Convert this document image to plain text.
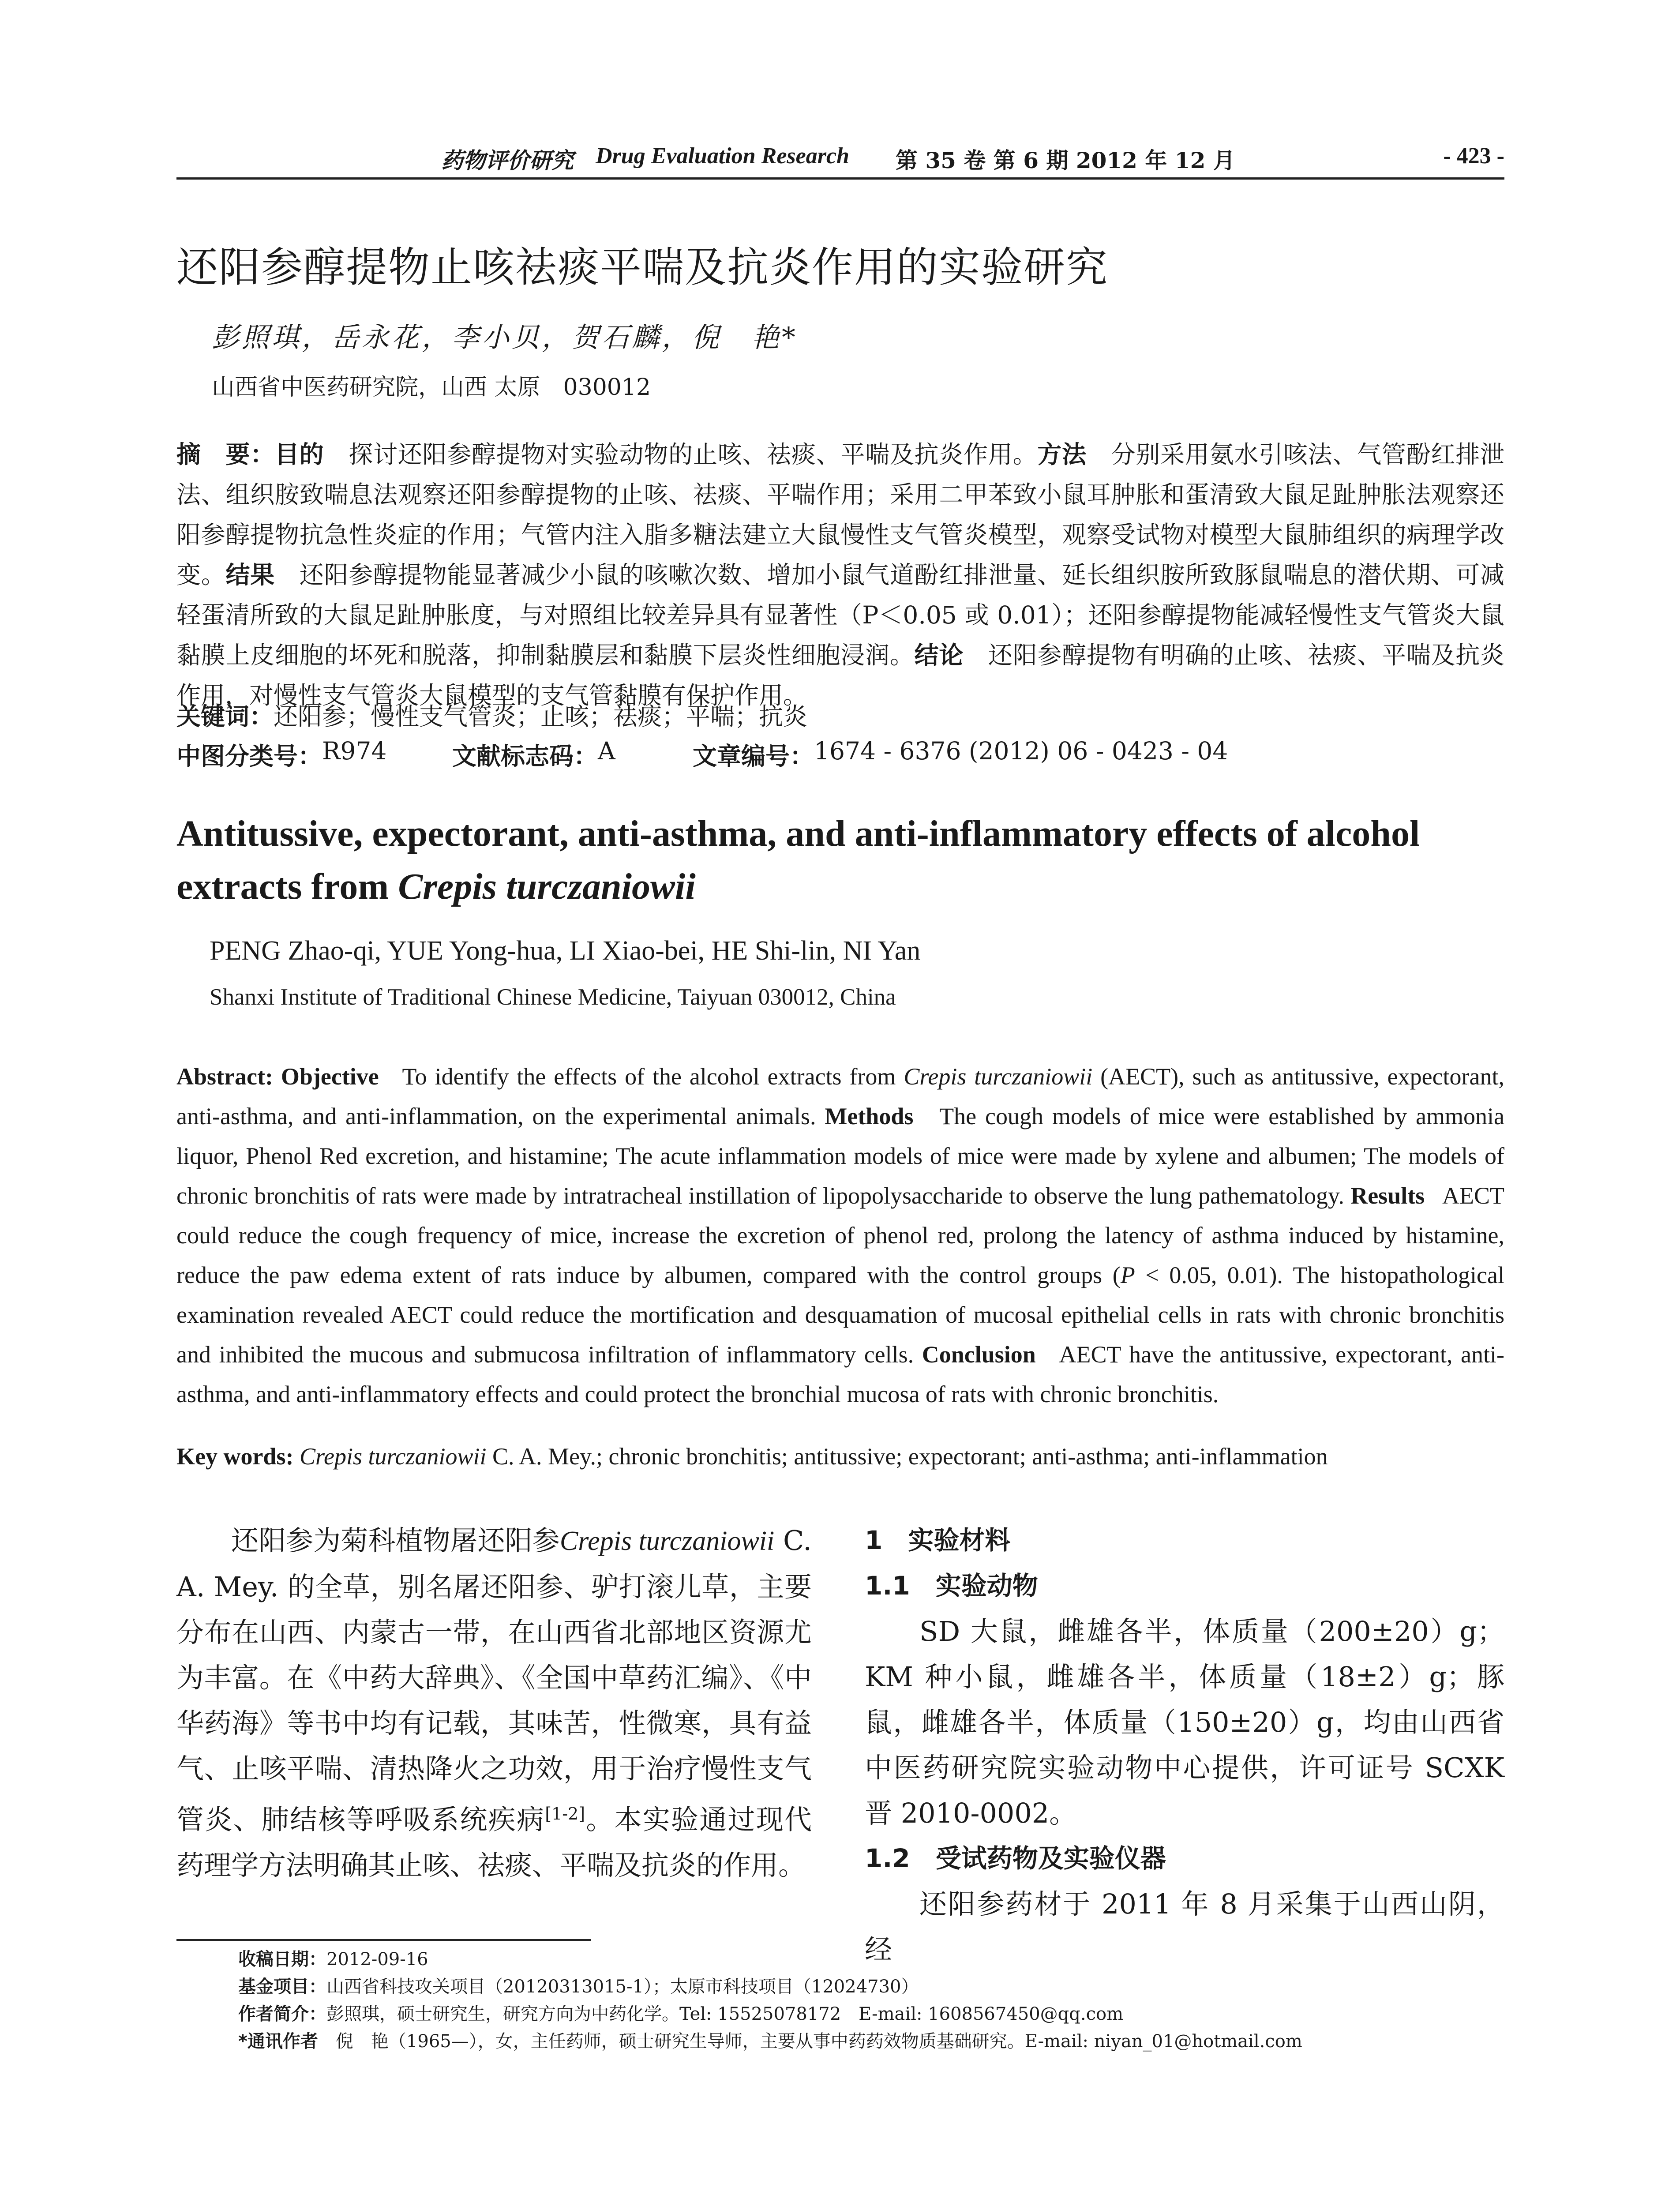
药物评价研究 Drug Evaluation Research 第 35 卷 第 6 期 2012 年 12 月	- 423 -
还阳参醇提物止咳祛痰平喘及抗炎作用的实验研究
彭照琪，岳永花，李小贝，贺石麟，倪　艳*
山西省中医药研究院，山西 太原　030012
摘　要：目的　探讨还阳参醇提物对实验动物的止咳、祛痰、平喘及抗炎作用。方法　分别采用氨水引咳法、气管酚红排泄法、组织胺致喘息法观察还阳参醇提物的止咳、祛痰、平喘作用；采用二甲苯致小鼠耳肿胀和蛋清致大鼠足趾肿胀法观察还阳参醇提物抗急性炎症的作用；气管内注入脂多糖法建立大鼠慢性支气管炎模型，观察受试物对模型大鼠肺组织的病理学改变。结果　还阳参醇提物能显著减少小鼠的咳嗽次数、增加小鼠气道酚红排泄量、延长组织胺所致豚鼠喘息的潜伏期、可减轻蛋清所致的大鼠足趾肿胀度，与对照组比较差异具有显著性（P＜0.05 或 0.01）；还阳参醇提物能减轻慢性支气管炎大鼠黏膜上皮细胞的坏死和脱落，抑制黏膜层和黏膜下层炎性细胞浸润。结论　还阳参醇提物有明确的止咳、祛痰、平喘及抗炎作用，对慢性支气管炎大鼠模型的支气管黏膜有保护作用。
关键词：还阳参；慢性支气管炎；止咳；祛痰；平喘；抗炎
中图分类号： R974	文献标志码： A	文章编号： 1674 - 6376 (2012) 06 - 0423 - 04
Antitussive, expectorant, anti-asthma, and anti-inflammatory effects of alcohol extracts from Crepis turczaniowii
PENG Zhao-qi, YUE Yong-hua, LI Xiao-bei, HE Shi-lin, NI Yan
Shanxi Institute of Traditional Chinese Medicine, Taiyuan 030012, China
Abstract: Objective   To identify the effects of the alcohol extracts from Crepis turczaniowii (AECT), such as antitussive, expectorant, anti-asthma, and anti-inflammation, on the experimental animals. Methods   The cough models of mice were established by ammonia liquor, Phenol Red excretion, and histamine; The acute inflammation models of mice were made by xylene and albumen; The models of chronic bronchitis of rats were made by intratracheal instillation of lipopolysaccharide to observe the lung pathematology. Results   AECT could reduce the cough frequency of mice, increase the excretion of phenol red, prolong the latency of asthma induced by histamine, reduce the paw edema extent of rats induce by albumen, compared with the control groups (P < 0.05, 0.01). The histopathological examination revealed AECT could reduce the mortification and desquamation of mucosal epithelial cells in rats with chronic bronchitis and inhibited the mucous and submucosa infiltration of inflammatory cells. Conclusion   AECT have the antitussive, expectorant, anti-asthma, and anti-inflammatory effects and could protect the bronchial mucosa of rats with chronic bronchitis.
Key words: Crepis turczaniowii C. A. Mey.; chronic bronchitis; antitussive; expectorant; anti-asthma; anti-inflammation

还阳参为菊科植物屠还阳参Crepis turczaniowii C. A. Mey. 的全草，别名屠还阳参、驴打滚儿草，主要分布在山西、内蒙古一带，在山西省北部地区资源尤为丰富。在《中药大辞典》、《全国中草药汇编》、《中华药海》等书中均有记载，其味苦，性微寒，具有益气、止咳平喘、清热降火之功效，用于治疗慢性支气管炎、肺结核等呼吸系统疾病[1-2]。本实验通过现代药理学方法明确其止咳、祛痰、平喘及抗炎的作用。

1　实验材料
1.1　实验动物

SD 大鼠，雌雄各半，体质量（200±20）g；KM 种小鼠，雌雄各半，体质量（18±2）g；豚鼠，雌雄各半，体质量（150±20）g，均由山西省中医药研究院实验动物中心提供，许可证号 SCXK 晋 2010-0002。

1.2　受试药物及实验仪器

还阳参药材于 2011 年 8 月采集于山西山阴，经

收稿日期：2012-09-16
基金项目：山西省科技攻关项目（20120313015-1）；太原市科技项目（12024730）
作者简介：彭照琪，硕士研究生，研究方向为中药化学。Tel: 15525078172　E-mail: 1608567450@qq.com
*通讯作者　倪　艳（1965—），女，主任药师，硕士研究生导师，主要从事中药药效物质基础研究。E-mail: niyan_01@hotmail.com
